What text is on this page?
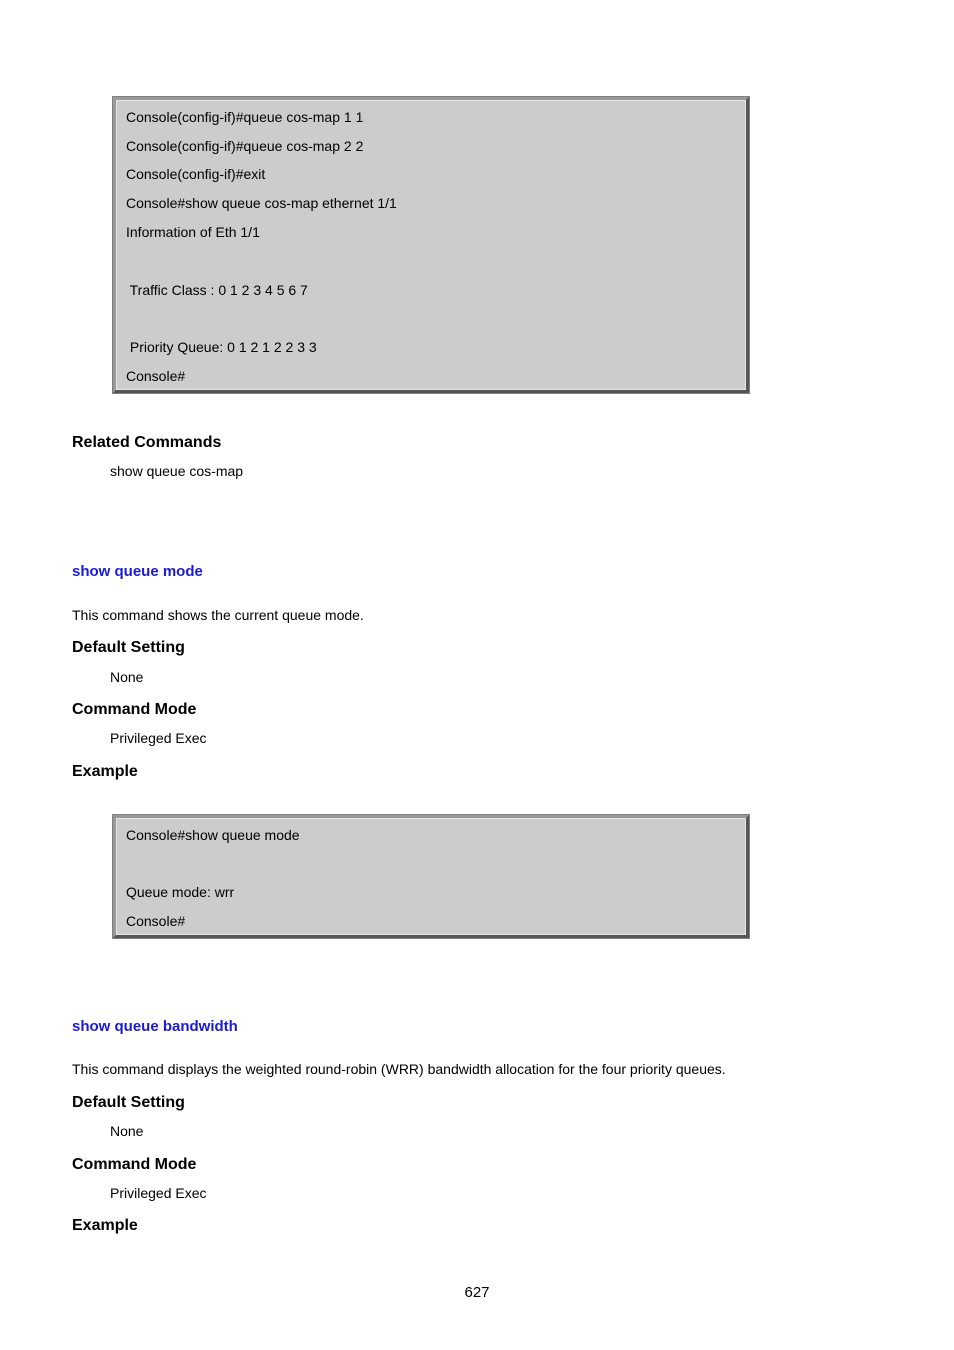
Console(config-if)#queue cos-map 1 1
Console(config-if)#queue cos-map 2 2
Console(config-if)#exit
Console#show queue cos-map ethernet 1/1
Information of Eth 1/1
Traffic Class : 0 1 2 3 4 5 6 7
Priority Queue: 0 1 2 1 2 2 3 3
Console#
Related Commands
show queue cos-map
show queue mode
This command shows the current queue mode.
Default Setting
None
Command Mode
Privileged Exec
Example
Console#show queue mode
Queue mode: wrr
Console#
show queue bandwidth
This command displays the weighted round-robin (WRR) bandwidth allocation for the four priority queues.
Default Setting
None
Command Mode
Privileged Exec
Example
627
